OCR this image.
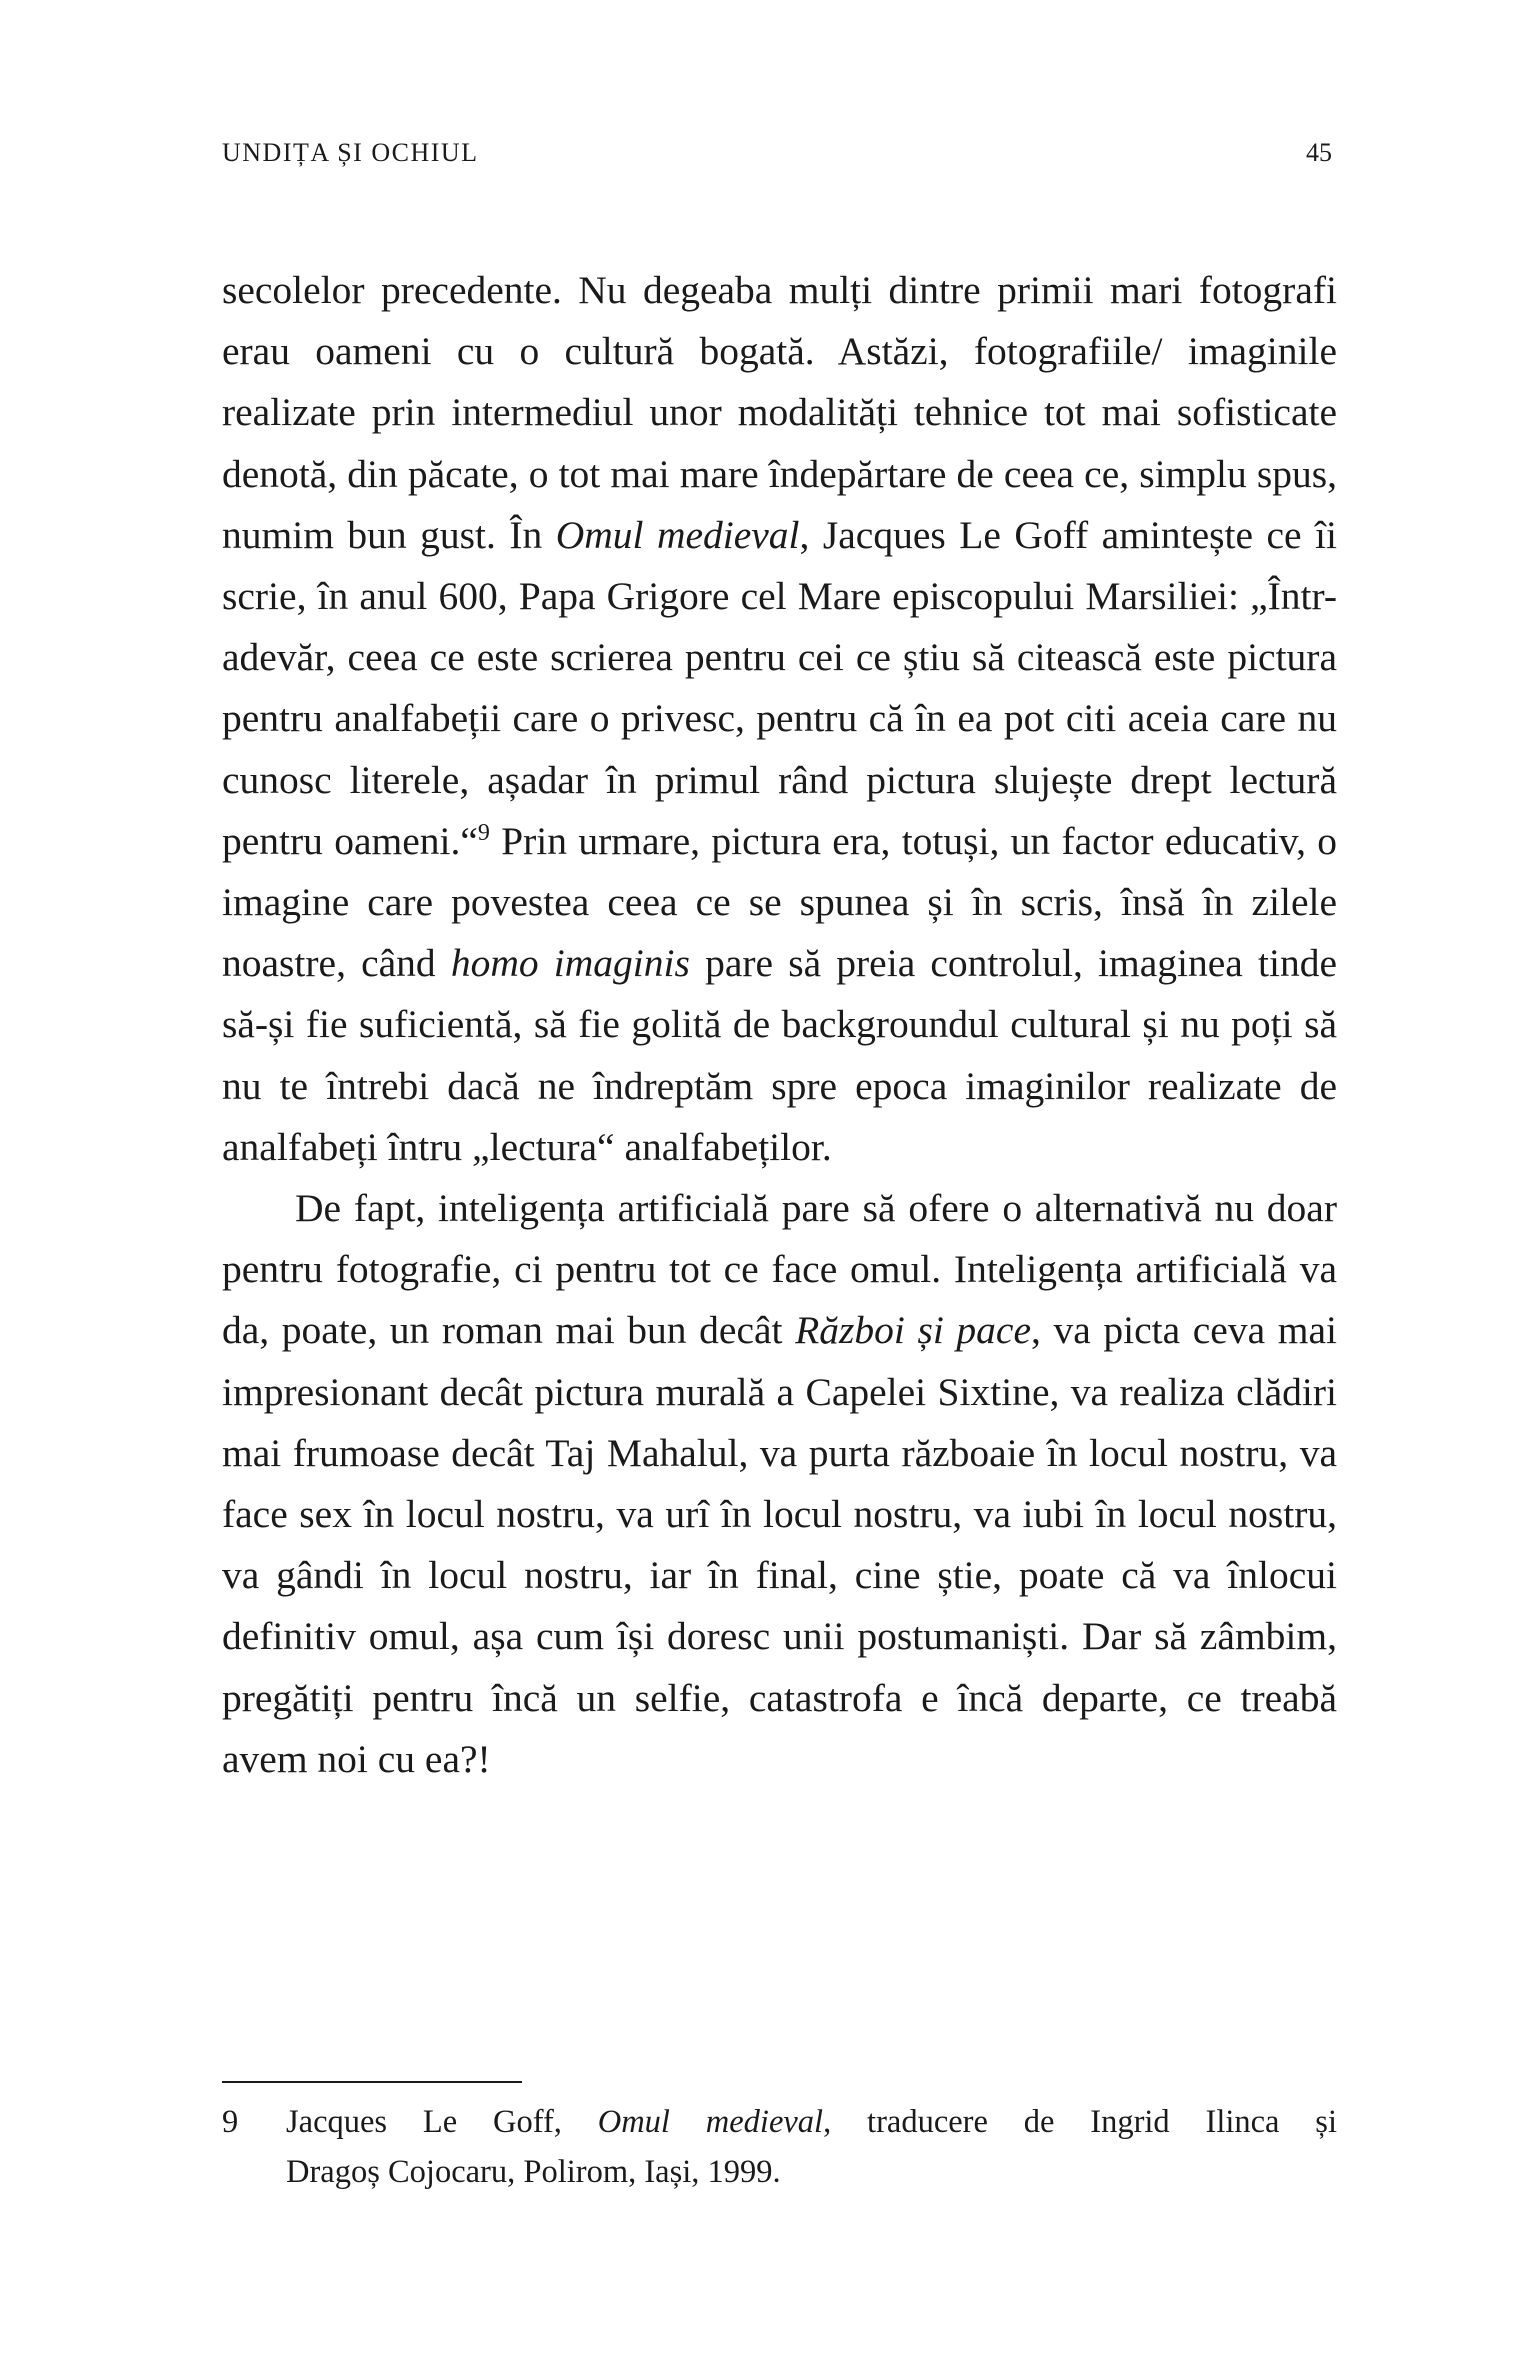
UNDIȚA ȘI OCHIUL	45

secolelor precedente. Nu degeaba mulți dintre primii mari fotografi erau oameni cu o cultură bogată. Astăzi, fotografiile/ imaginile realizate prin intermediul unor modalități tehnice tot mai sofisticate denotă, din păcate, o tot mai mare îndepărtare de ceea ce, simplu spus, numim bun gust. În Omul medieval, Jacques Le Goff amintește ce îi scrie, în anul 600, Papa Grigore cel Mare episcopului Marsiliei: „Într-adevăr, ceea ce este scrierea pentru cei ce știu să citească este pictura pentru analfabeții care o privesc, pentru că în ea pot citi aceia care nu cunosc literele, așadar în primul rând pictura slujește drept lectură pentru oameni.“$^9$ Prin urmare, pictura era, totuși, un factor educativ, o imagine care povestea ceea ce se spunea și în scris, însă în zilele noastre, când homo imaginis pare să preia controlul, imaginea tinde să-și fie suficientă, să fie golită de backgroundul cultural și nu poți să nu te întrebi dacă ne îndreptăm spre epoca imaginilor realizate de analfabeți întru „lectura“ analfabeților.

De fapt, inteligența artificială pare să ofere o alternativă nu doar pentru fotografie, ci pentru tot ce face omul. Inteligența artificială va da, poate, un roman mai bun decât Război și pace, va picta ceva mai impresionant decât pictura murală a Capelei Sixtine, va realiza clădiri mai frumoase decât Taj Mahalul, va purta războaie în locul nostru, va face sex în locul nostru, va urî în locul nostru, va iubi în locul nostru, va gândi în locul nostru, iar în final, cine știe, poate că va înlocui definitiv omul, așa cum își doresc unii postumaniști. Dar să zâmbim, pregătiți pentru încă un selfie, catastrofa e încă departe, ce treabă avem noi cu ea?!

9	Jacques Le Goff, Omul medieval, traducere de Ingrid Ilinca și
Dragoș Cojocaru, Polirom, Iași, 1999.
